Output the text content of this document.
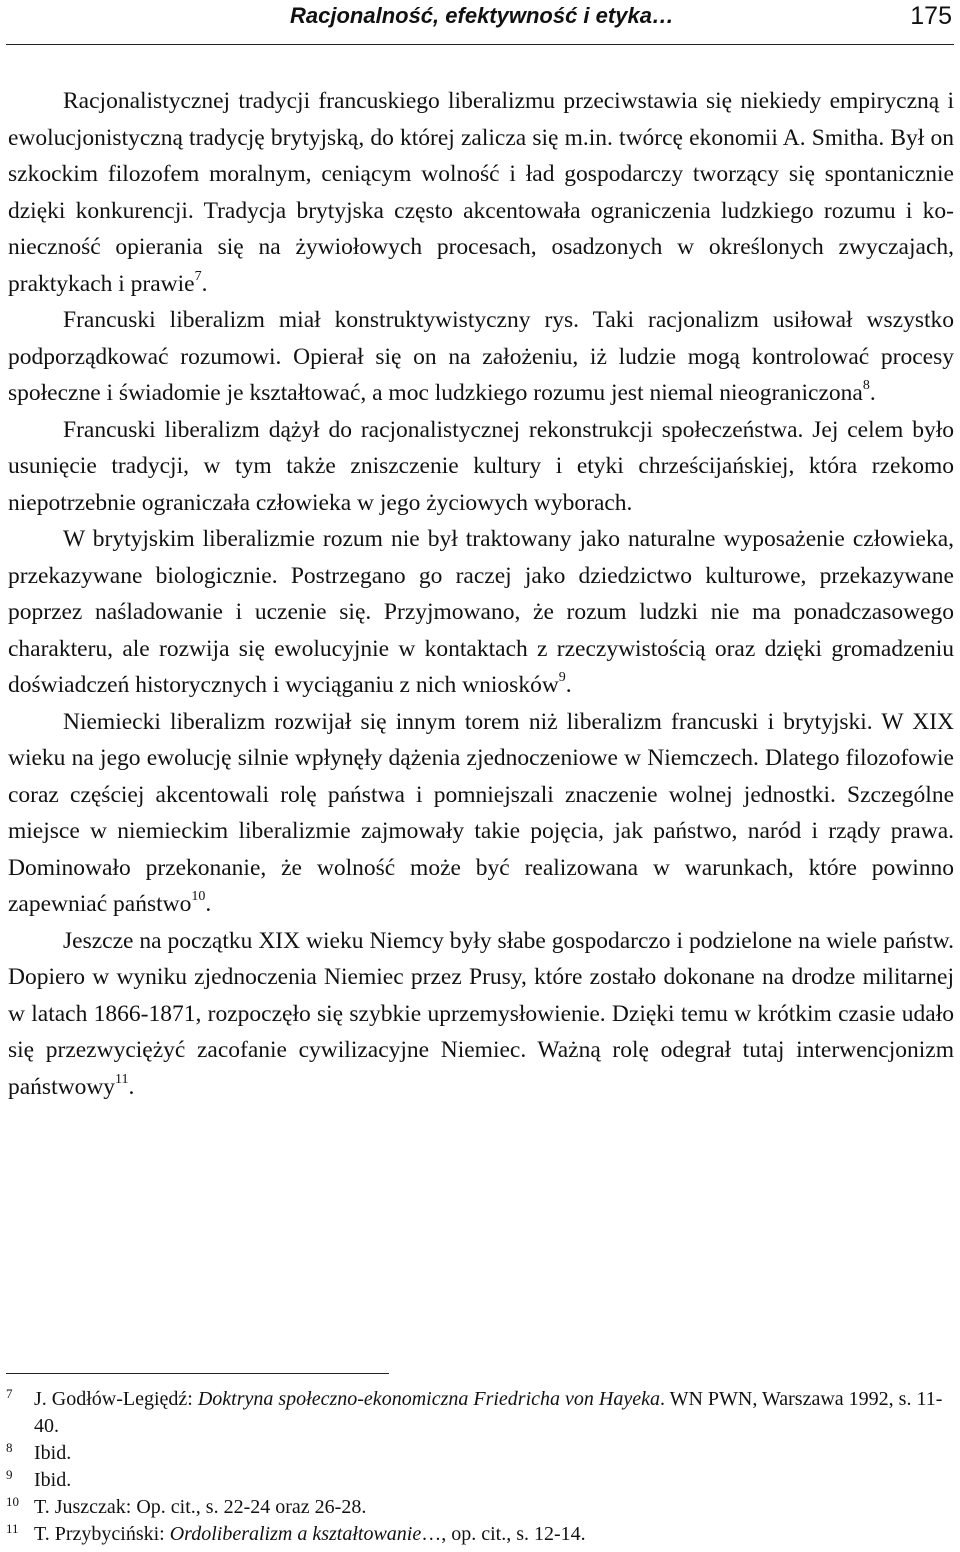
Racjonalność, efektywność i etyka…	175

Racjonalistycznej tradycji francuskiego liberalizmu przeciwstawia się niekiedy empiryczną i ewolucjonistyczną tradycję brytyjską, do której zalicza się m.in. twórcę ekonomii A. Smitha. Był on szkockim filozofem moralnym, ceniącym wolność i ład gospodarczy tworzący się spontanicznie dzięki konkurencji. Tradycja brytyjska często akcentowała ograniczenia ludzkiego rozumu i konieczność opierania się na żywiołowych procesach, osadzonych w określonych zwyczajach, praktykach i prawie$^7$.

Francuski liberalizm miał konstruktywistyczny rys. Taki racjonalizm usiłował wszystko podporządkować rozumowi. Opierał się on na założeniu, iż ludzie mogą kontrolować procesy społeczne i świadomie je kształtować, a moc ludzkiego rozumu jest niemal nieograniczona$^8$.

Francuski liberalizm dążył do racjonalistycznej rekonstrukcji społeczeństwa. Jej celem było usunięcie tradycji, w tym także zniszczenie kultury i etyki chrześcijańskiej, która rzekomo niepotrzebnie ograniczała człowieka w jego życiowych wyborach.

W brytyjskim liberalizmie rozum nie był traktowany jako naturalne wyposażenie człowieka, przekazywane biologicznie. Postrzegano go raczej jako dziedzictwo kulturowe, przekazywane poprzez naśladowanie i uczenie się. Przyjmowano, że rozum ludzki nie ma ponadczasowego charakteru, ale rozwija się ewolucyjnie w kontaktach z rzeczywistością oraz dzięki gromadzeniu doświadczeń historycznych i wyciąganiu z nich wniosków$^9$.

Niemiecki liberalizm rozwijał się innym torem niż liberalizm francuski i brytyjski. W XIX wieku na jego ewolucję silnie wpłynęły dążenia zjednoczeniowe w Niemczech. Dlatego filozofowie coraz częściej akcentowali rolę państwa i pomniejszali znaczenie wolnej jednostki. Szczególne miejsce w niemieckim liberalizmie zajmowały takie pojęcia, jak państwo, naród i rządy prawa. Dominowało przekonanie, że wolność może być realizowana w warunkach, które powinno zapewniać państwo$^{10}$.

Jeszcze na początku XIX wieku Niemcy były słabe gospodarczo i podzielone na wiele państw. Dopiero w wyniku zjednoczenia Niemiec przez Prusy, które zostało dokonane na drodze militarnej w latach 1866-1871, rozpoczęło się szybkie uprzemysłowienie. Dzięki temu w krótkim czasie udało się przezwyciężyć zacofanie cywilizacyjne Niemiec. Ważną rolę odegrał tutaj interwencjonizm państwowy$^{11}$.

7 J. Godłów-Legiędź: Doktryna społeczno-ekonomiczna Friedricha von Hayeka. WN PWN, Warszawa 1992, s. 11-40.

8 Ibid.

9 Ibid.

10 T. Juszczak: Op. cit., s. 22-24 oraz 26-28.

11 T. Przybyciński: Ordoliberalizm a kształtowanie…, op. cit., s. 12-14.
